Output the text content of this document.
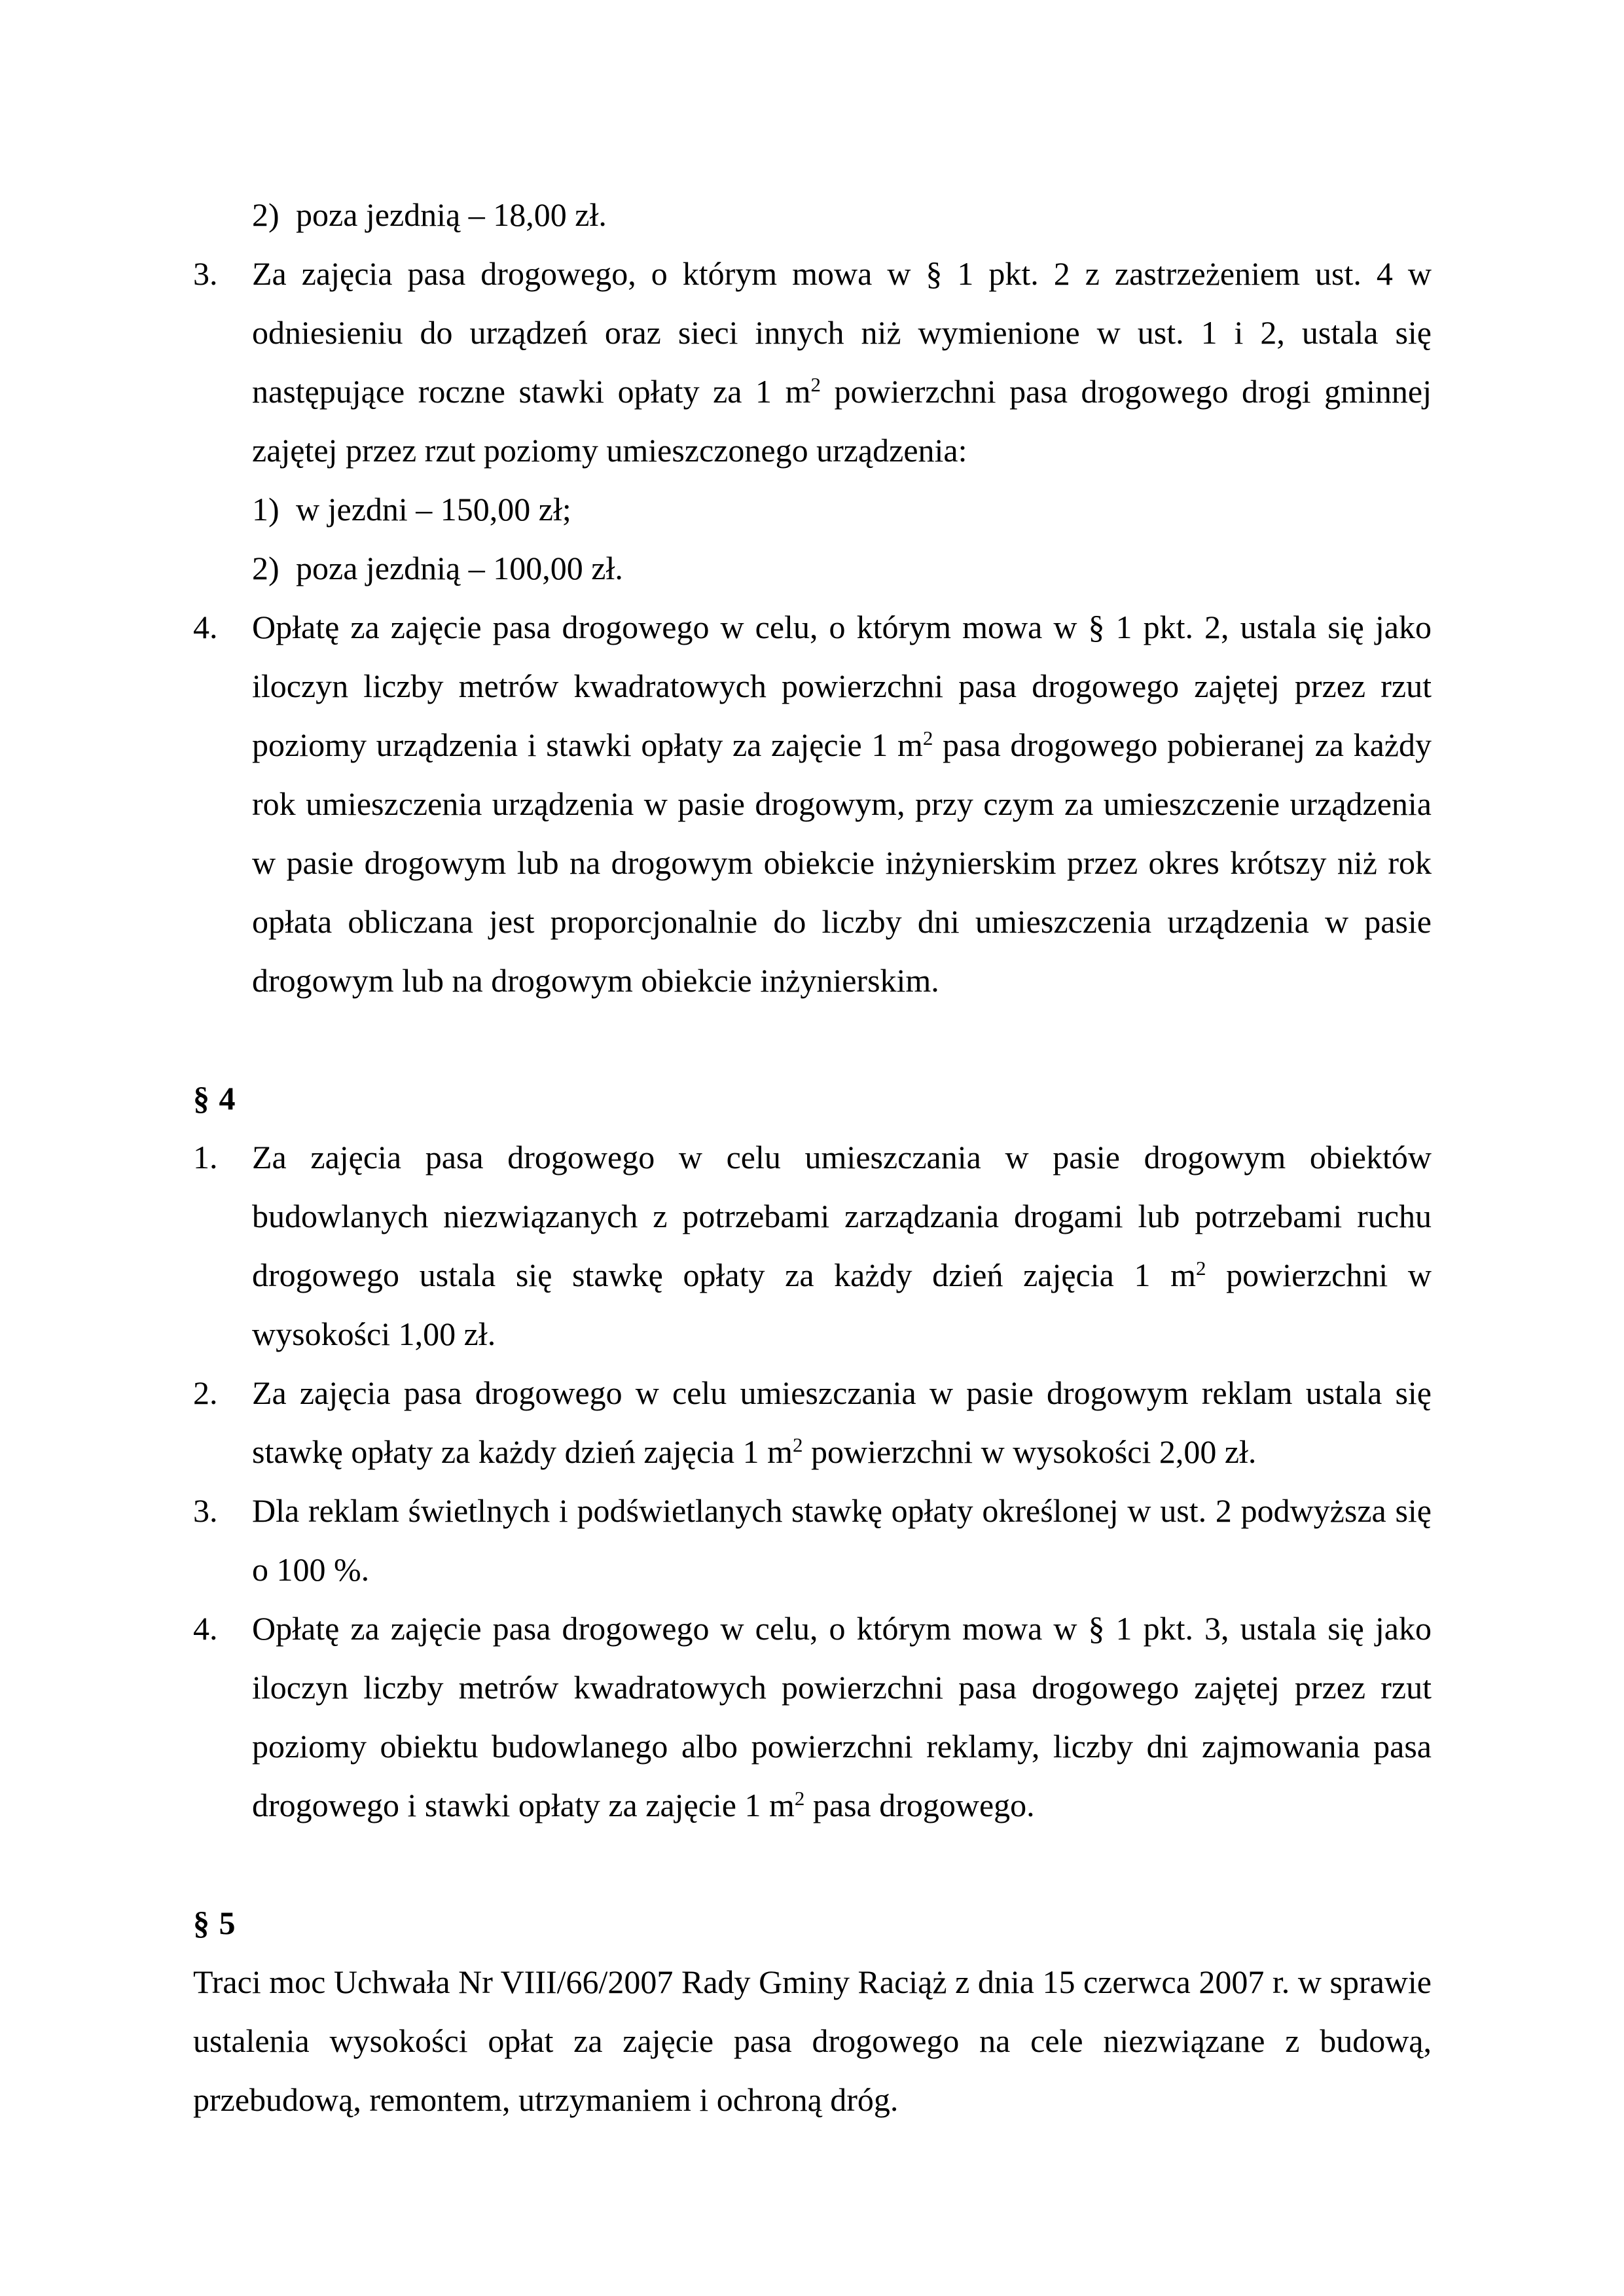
2) poza jezdnią – 18,00 zł.
3. Za zajęcia pasa drogowego, o którym mowa w § 1 pkt. 2 z zastrzeżeniem ust. 4 w odniesieniu do urządzeń oraz sieci innych niż wymienione w ust. 1 i 2, ustala się następujące roczne stawki opłaty za 1 $m^2$ powierzchni pasa drogowego drogi gminnej zajętej przez rzut poziomy umieszczonego urządzenia:
1) w jezdni – 150,00 zł;
2) poza jezdnią – 100,00 zł.
4. Opłatę za zajęcie pasa drogowego w celu, o którym mowa w § 1 pkt. 2, ustala się jako iloczyn liczby metrów kwadratowych powierzchni pasa drogowego zajętej przez rzut poziomy urządzenia i stawki opłaty za zajęcie 1 $m^2$ pasa drogowego pobieranej za każdy rok umieszczenia urządzenia w pasie drogowym, przy czym za umieszczenie urządzenia w pasie drogowym lub na drogowym obiekcie inżynierskim przez okres krótszy niż rok opłata obliczana jest proporcjonalnie do liczby dni umieszczenia urządzenia w pasie drogowym lub na drogowym obiekcie inżynierskim.
§ 4
1. Za zajęcia pasa drogowego w celu umieszczania w pasie drogowym obiektów budowlanych niezwiązanych z potrzebami zarządzania drogami lub potrzebami ruchu drogowego ustala się stawkę opłaty za każdy dzień zajęcia 1 $m^2$ powierzchni w wysokości 1,00 zł.
2. Za zajęcia pasa drogowego w celu umieszczania w pasie drogowym reklam ustala się stawkę opłaty za każdy dzień zajęcia 1 $m^2$ powierzchni w wysokości 2,00 zł.
3. Dla reklam świetlnych i podświetlanych stawkę opłaty określonej w ust. 2 podwyższa się o 100 %.
4. Opłatę za zajęcie pasa drogowego w celu, o którym mowa w § 1 pkt. 3, ustala się jako iloczyn liczby metrów kwadratowych powierzchni pasa drogowego zajętej przez rzut poziomy obiektu budowlanego albo powierzchni reklamy, liczby dni zajmowania pasa drogowego i stawki opłaty za zajęcie 1 $m^2$ pasa drogowego.
§ 5
Traci moc Uchwała Nr VIII/66/2007 Rady Gminy Raciąż z dnia 15 czerwca 2007 r. w sprawie ustalenia wysokości opłat za zajęcie pasa drogowego na cele niezwiązane z budową, przebudową, remontem, utrzymaniem i ochroną dróg.
